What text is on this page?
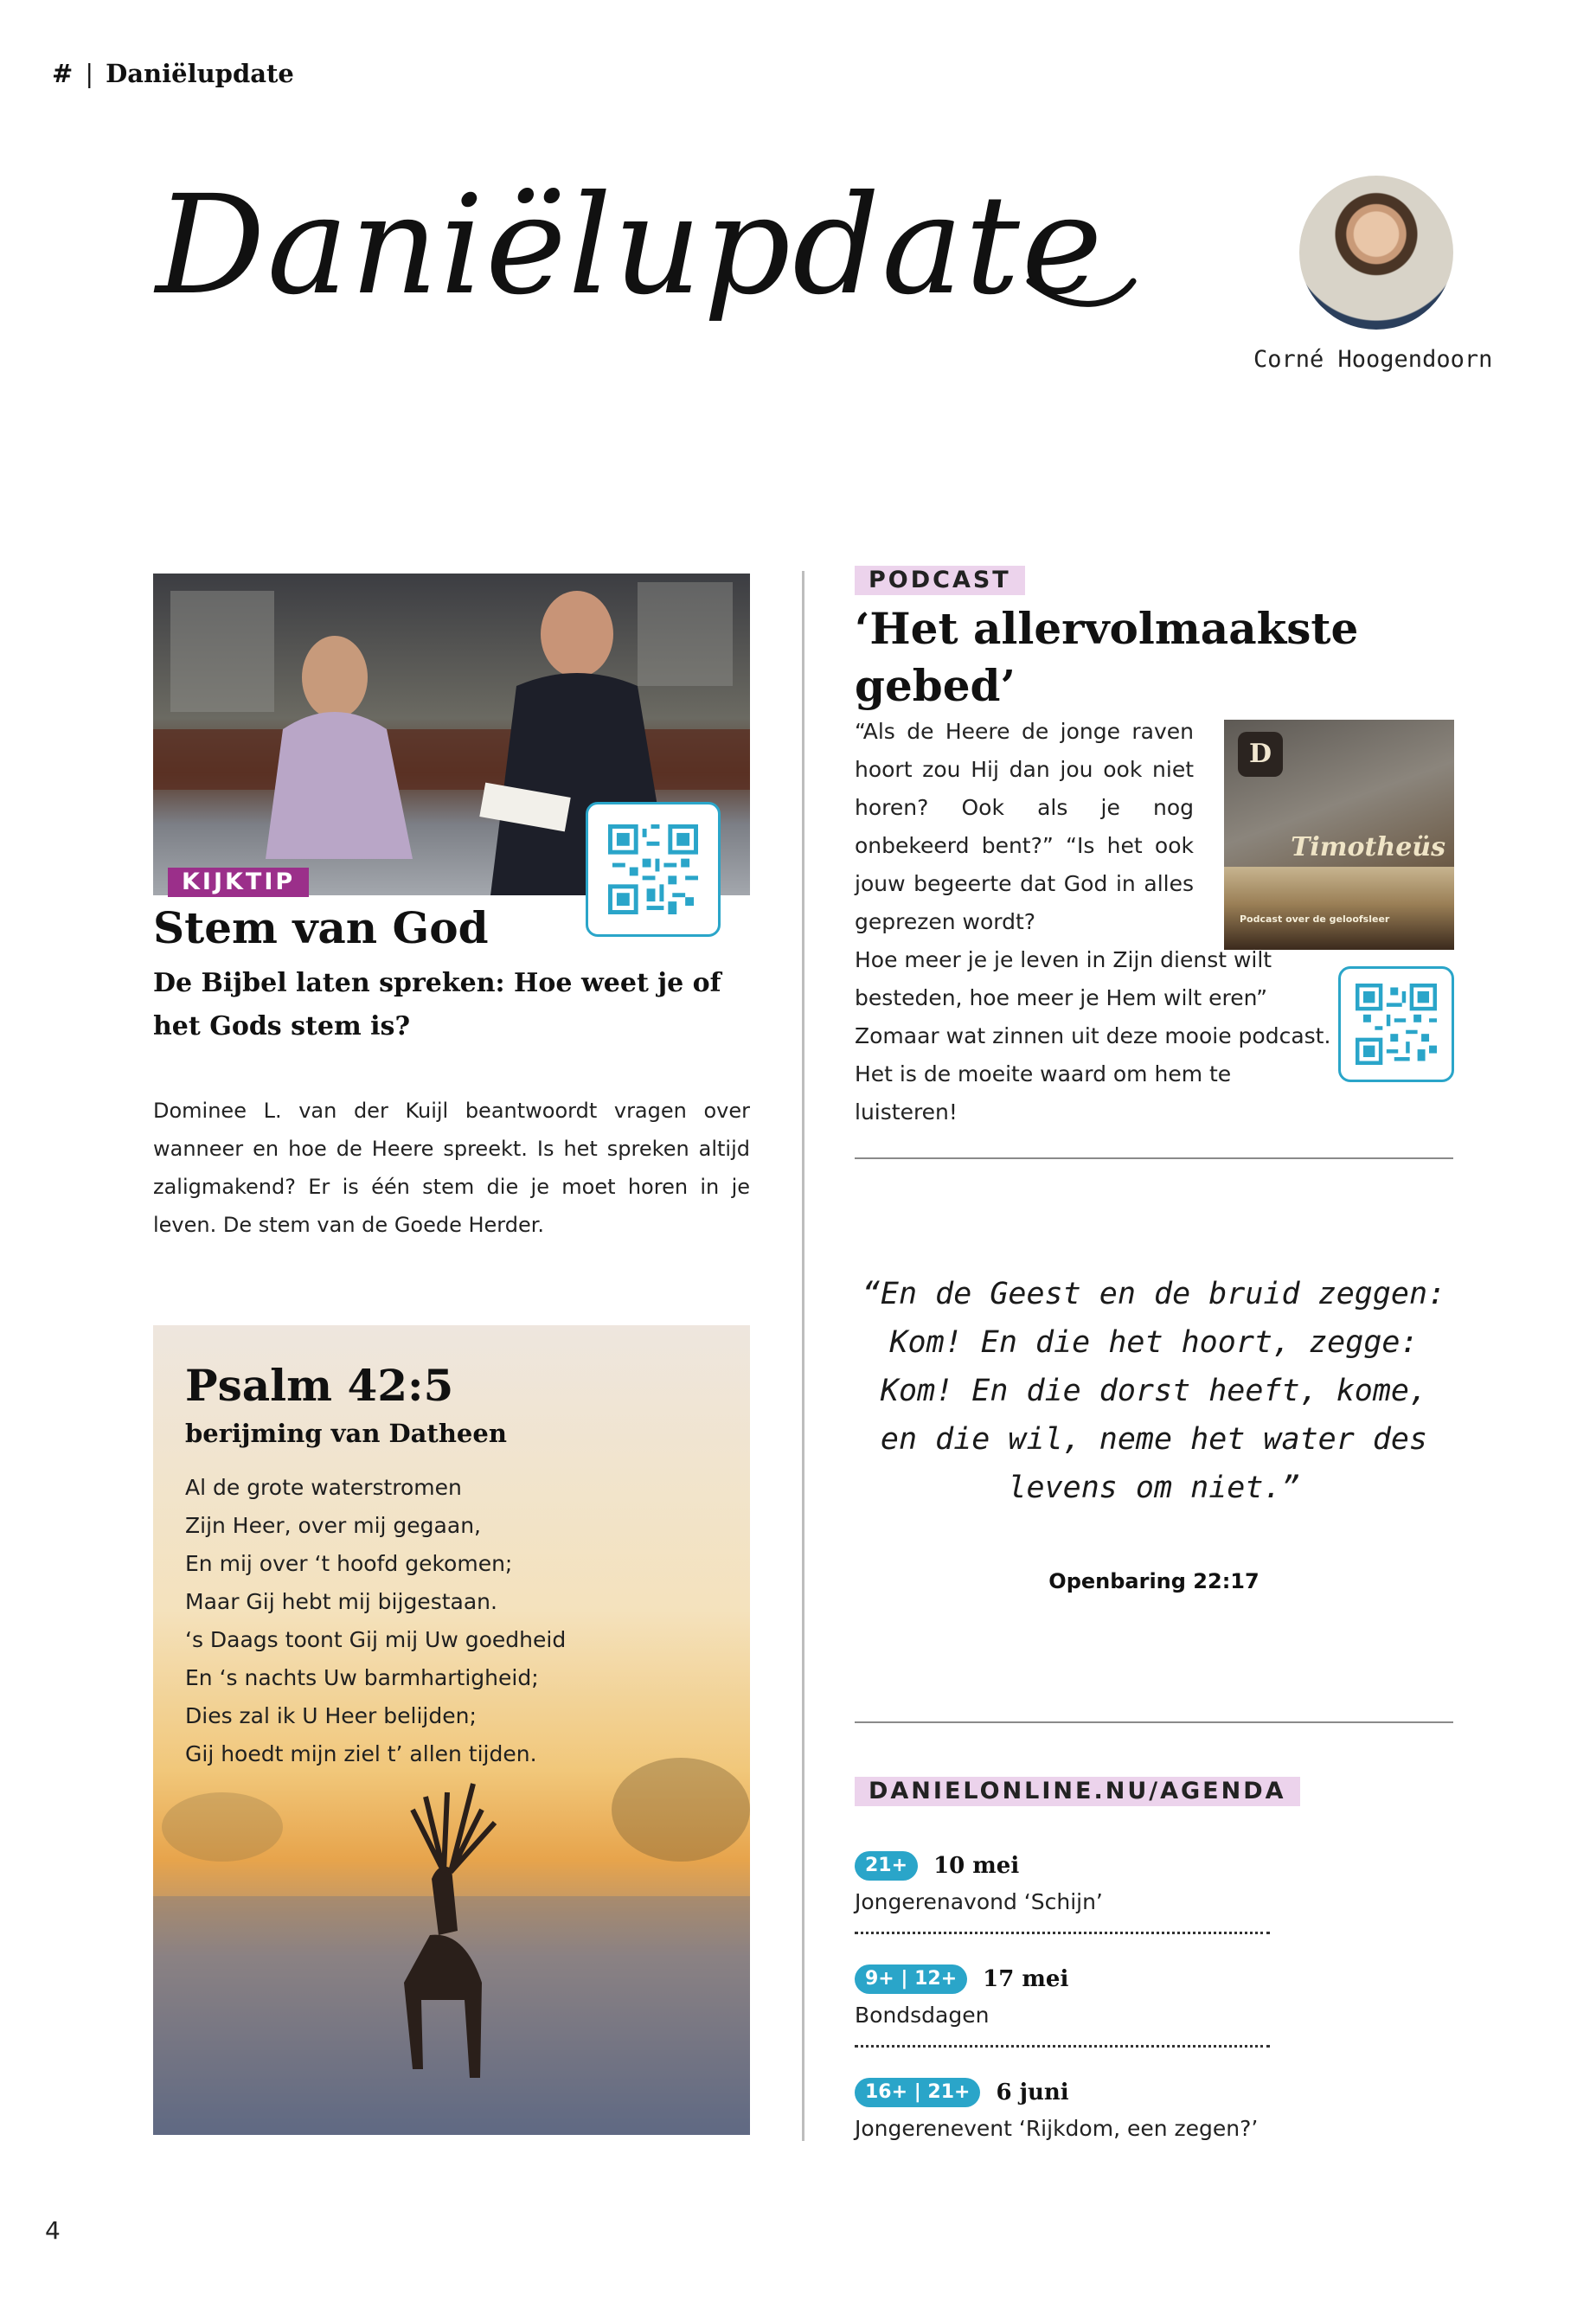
# | Daniëlupdate
Daniëlupdate
Corné Hoogendoorn
KIJKTIP
Stem van God
De Bijbel laten spreken: Hoe weet je of het Gods stem is?

Dominee L. van der Kuijl beantwoordt vragen over wanneer en hoe de Heere spreekt. Is het spreken altijd zaligmakend? Er is één stem die je moet horen in je leven. De stem van de Goede Herder.

Psalm 42:5
berijming van Datheen
Al de grote waterstromen
Zijn Heer, over mij gegaan,
En mij over ‘t hoofd gekomen;
Maar Gij hebt mij bijgestaan.
‘s Daags toont Gij mij Uw goedheid
En ‘s nachts Uw barmhartigheid;
Dies zal ik U Heer belijden;
Gij hoedt mijn ziel t’ allen tijden.
PODCAST
‘Het allervolmaakste gebed’

“Als de Heere de jonge raven hoort zou Hij dan jou ook niet horen? Ook als je nog onbekeerd bent?” “Is het ook jouw begeerte dat God in alles geprezen wordt?

D
Timotheüs
Podcast over de geloofsleer

Hoe meer je je leven in Zijn dienst wilt besteden, hoe meer je Hem wilt eren” Zomaar wat zinnen uit deze mooie podcast. Het is de moeite waard om hem te luisteren!

“En de Geest en de bruid zeggen: Kom! En die het hoort, zegge: Kom! En die dorst heeft, kome, en die wil, neme het water des levens om niet.”
Openbaring 22:17
DANIELONLINE.NU/AGENDA
21+	10 mei
Jongerenavond ‘Schijn’
9+ | 12+	17 mei
Bondsdagen
16+ | 21+	6 juni
Jongerenevent ‘Rijkdom, een zegen?’
4
